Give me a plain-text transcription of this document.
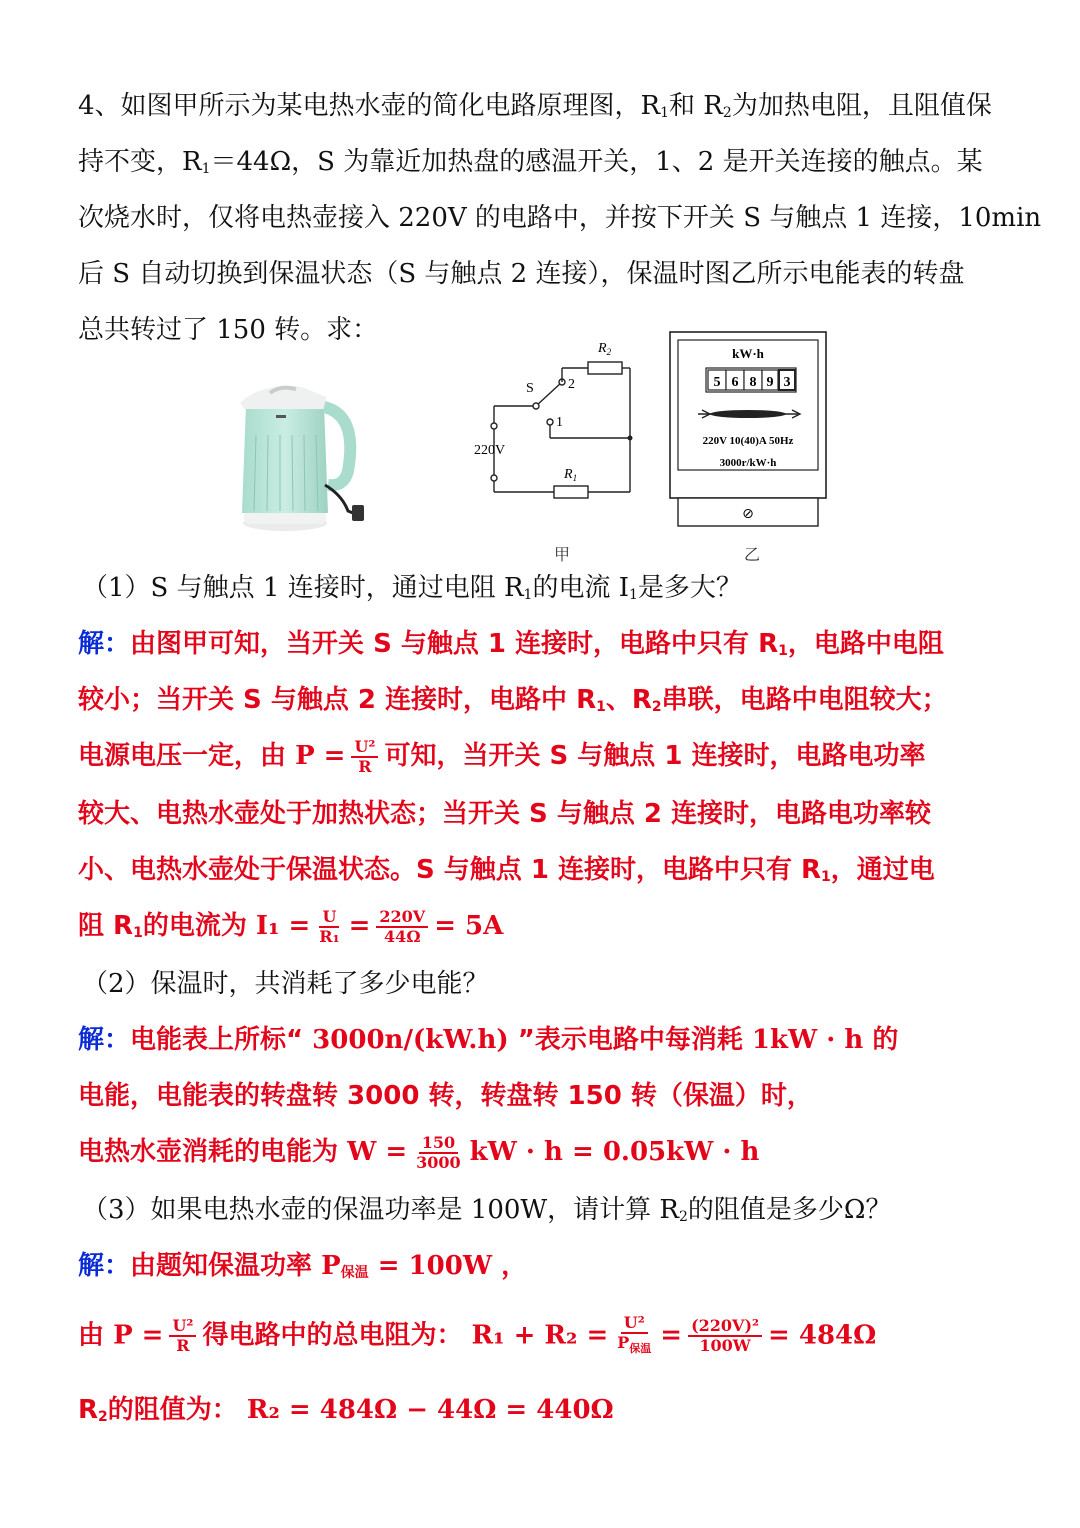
4、如图甲所示为某电热水壶的简化电路原理图，$R_1$和 $R_2$为加热电阻，且阻值保
持不变，$R_1=44\Omega$，S 为靠近加热盘的感温开关，1、2 是开关连接的触点。某
次烧水时，仅将电热壶接入 220V 的电路中，并按下开关 S 与触点 1 连接，10min
后 S 自动切换到保温状态（S 与触点 2 连接），保温时图乙所示电能表的转盘
总共转过了 150 转。求：
$R_2$
S 2
1
220V
$R_1$
kW·h
5 6 8 9 3
220V 10(40)A 50Hz
3000r/kW·h
⊘
甲	乙
（1）S 与触点 1 连接时，通过电阻 $R_1$的电流 $I_1$是多大？
解：由图甲可知，当开关 S 与触点 1 连接时，电路中只有 $R_1$，电路中电阻
较小；当开关 S 与触点 2 连接时，电路中 $R_1$、$R_2$串联，电路中电阻较大；
电源电压一定，由 $P = \frac{\text{U²}}{R}$ 可知，当开关 S 与触点 1 连接时，电路电功率
较大、电热水壶处于加热状态；当开关 S 与触点 2 连接时，电路电功率较
小、电热水壶处于保温状态。S 与触点 1 连接时，电路中只有 $R_1$，通过电
阻 $R_1$的电流为 $I_1 = \frac{U}{\text{R₁}} = \frac{220V}{44\Omega} = 5A$
（2）保温时，共消耗了多少电能？
解：电能表上所标“ 3000n/(kW.h) ”表示电路中每消耗 1kW · h 的
电能，电能表的转盘转 3000 转，转盘转 150 转（保温）时，
电热水壶消耗的电能为 $W = \frac{150}{3000}$ kW · h = 0.05kW · h
（3）如果电热水壶的保温功率是 100W，请计算 $R_2$的阻值是多少Ω？
解：由题知保温功率 $P_{保温} = 100W$ ，
由 $P = \frac{\text{U²}}{R}$ 得电路中的总电阻为： $R_1 + R_2 = \frac{\text{U²}}{P_{保温}} = \frac{\text{(220V)²}}{100W} = 484\Omega$
$R_2$的阻值为： R₂ = 484Ω − 44Ω = 440Ω
